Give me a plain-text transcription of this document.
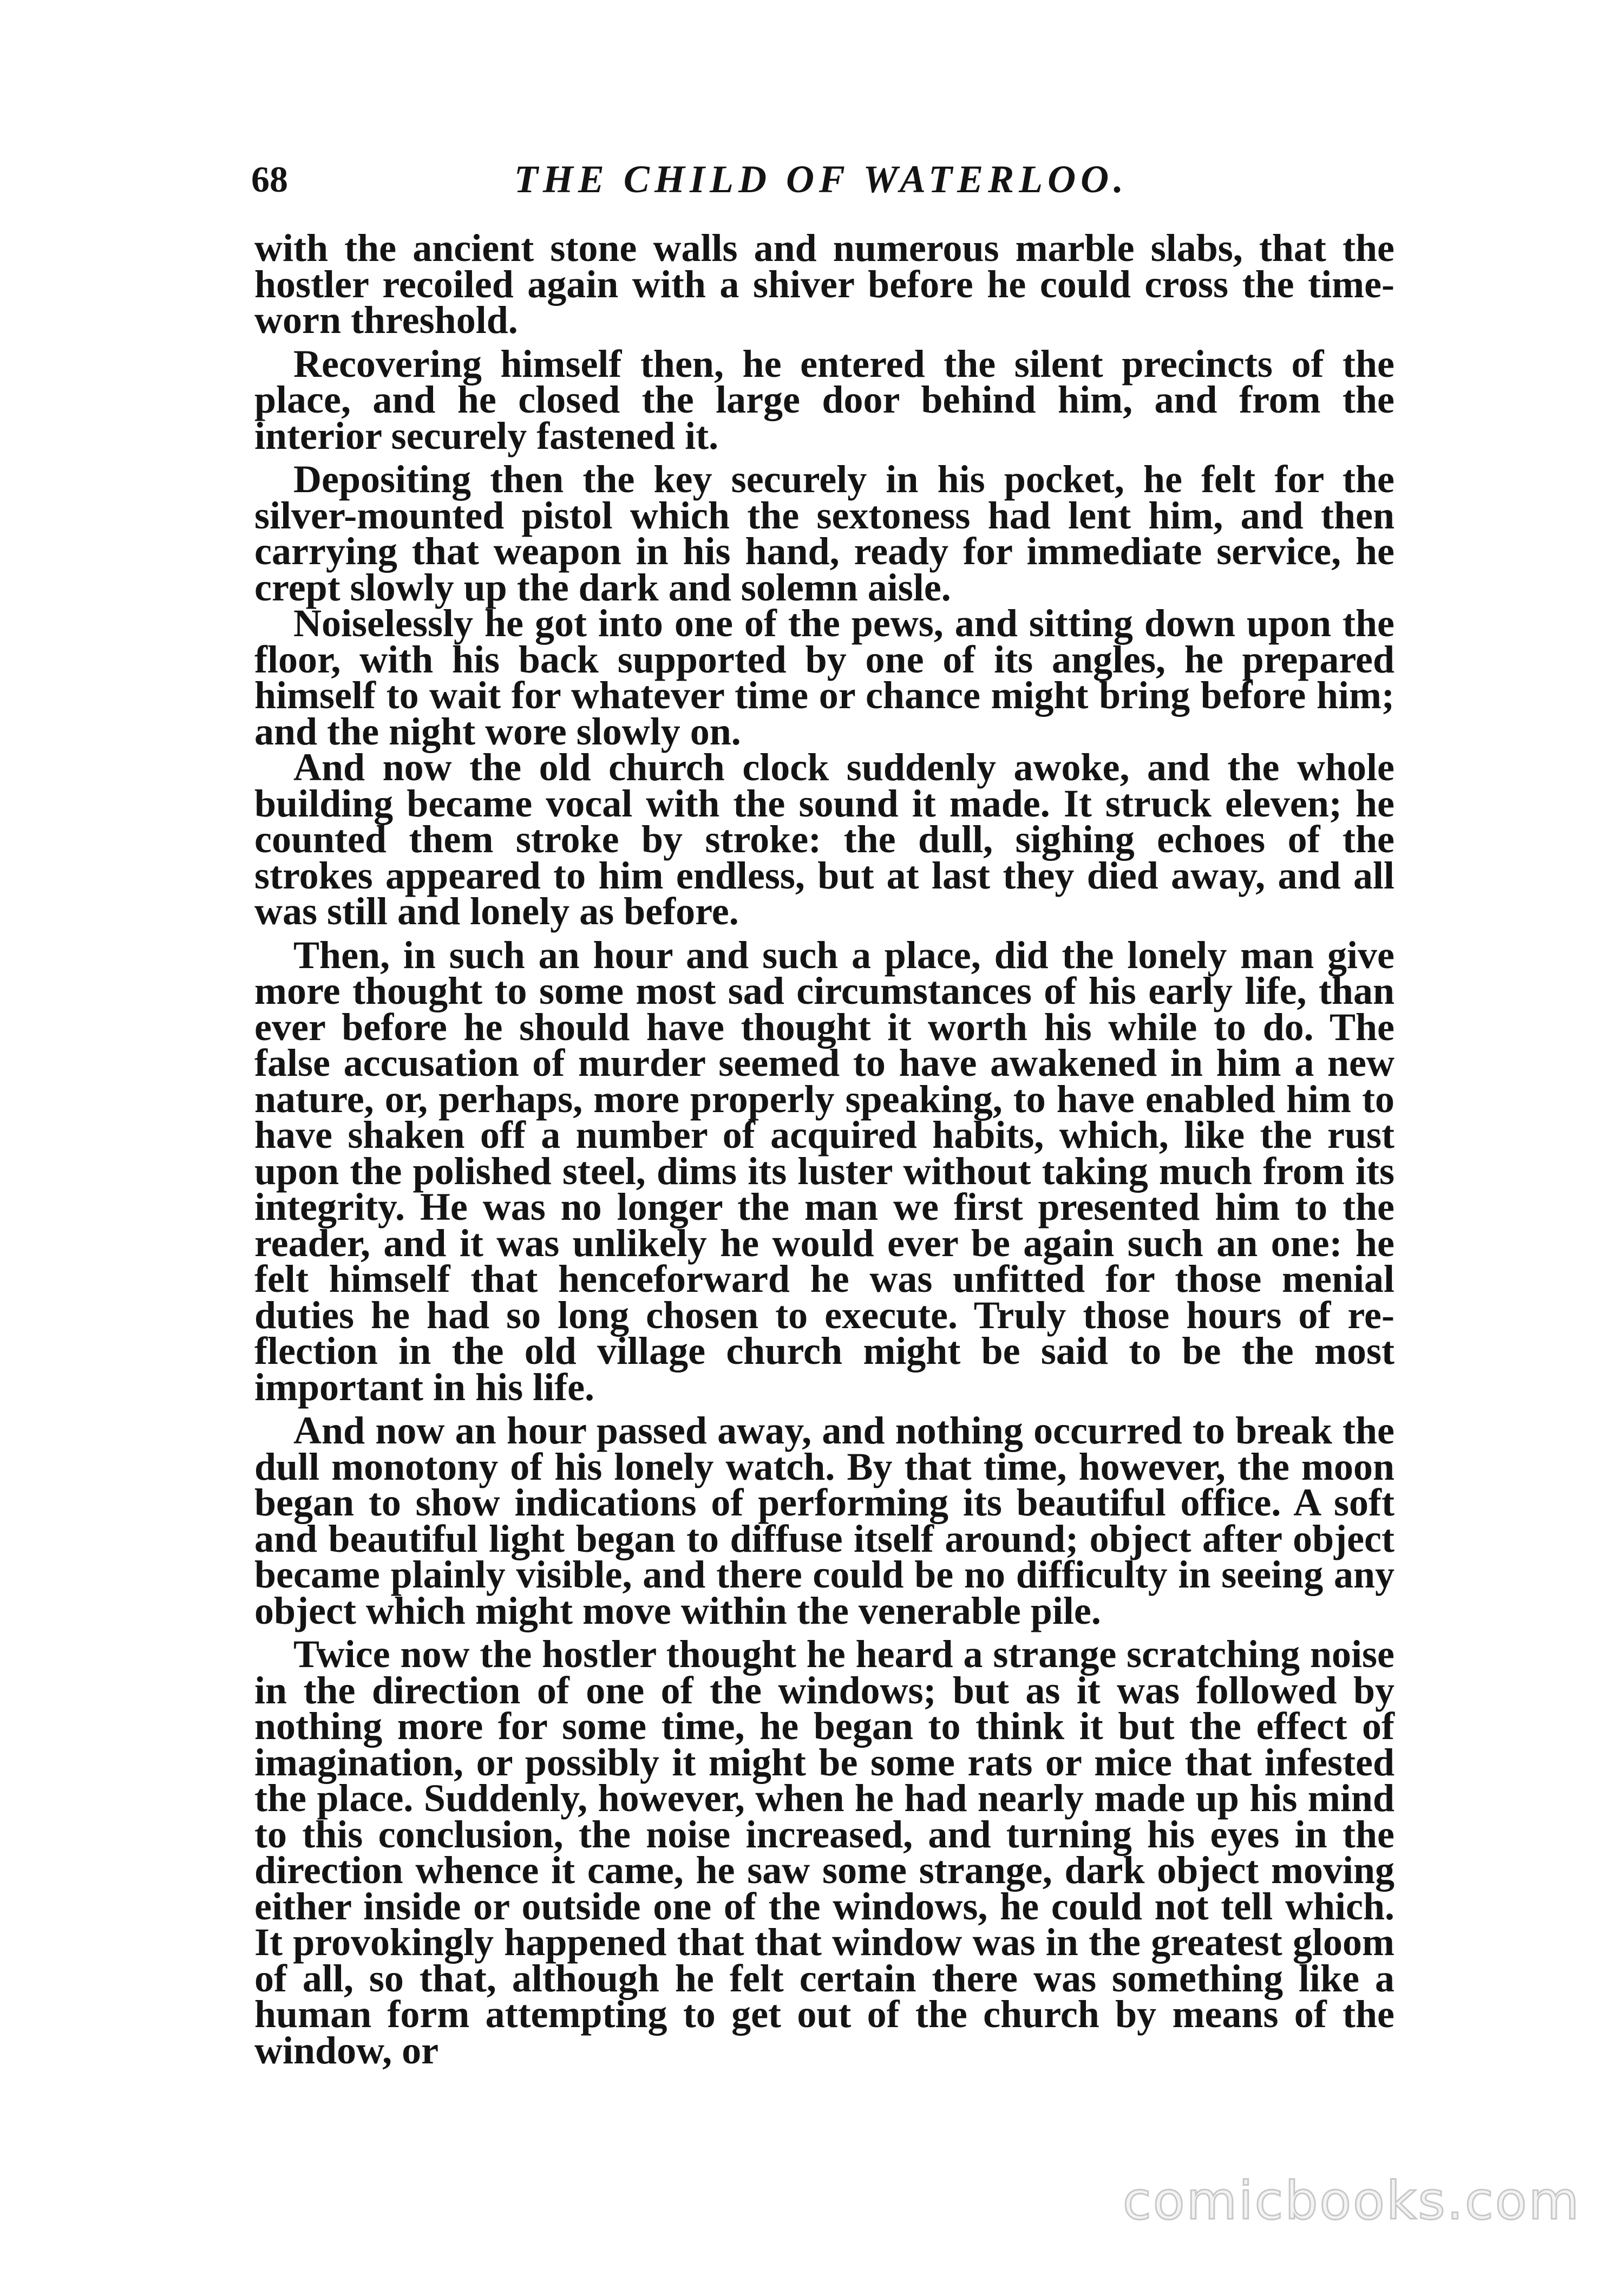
68	THE CHILD OF WATERLOO.

with the ancient stone walls and numerous marble slabs, that the hostler recoiled again with a shiver before he could cross the time-worn threshold.

Recovering himself then, he entered the silent precincts of the place, and he closed the large door behind him, and from the interior securely fastened it.

Depositing then the key securely in his pocket, he felt for the silver-mounted pistol which the sextoness had lent him, and then carrying that weapon in his hand, ready for immediate service, he crept slowly up the dark and solemn aisle.

Noiselessly he got into one of the pews, and sitting down upon the floor, with his back supported by one of its angles, he prepared himself to wait for whatever time or chance might bring before him; and the night wore slowly on.

And now the old church clock suddenly awoke, and the whole building became vocal with the sound it made. It struck eleven; he counted them stroke by stroke: the dull, sighing echoes of the strokes appeared to him endless, but at last they died away, and all was still and lonely as before.

Then, in such an hour and such a place, did the lonely man give more thought to some most sad circumstances of his early life, than ever before he should have thought it worth his while to do. The false accusation of murder seemed to have awakened in him a new nature, or, perhaps, more properly speaking, to have enabled him to have shaken off a number of acquired habits, which, like the rust upon the polished steel, dims its luster without taking much from its integrity. He was no longer the man we first presented him to the reader, and it was unlikely he would ever be again such an one: he felt himself that henceforward he was unfitted for those menial duties he had so long chosen to execute. Truly those hours of reflection in the old village church might be said to be the most important in his life.

And now an hour passed away, and nothing occurred to break the dull monotony of his lonely watch. By that time, however, the moon began to show indications of performing its beautiful office. A soft and beautiful light began to diffuse itself around; object after object became plainly visible, and there could be no difficulty in seeing any object which might move within the venerable pile.

Twice now the hostler thought he heard a strange scratching noise in the direction of one of the windows; but as it was followed by nothing more for some time, he began to think it but the effect of imagination, or possibly it might be some rats or mice that infested the place. Suddenly, however, when he had nearly made up his mind to this conclusion, the noise increased, and turning his eyes in the direction whence it came, he saw some strange, dark object moving either inside or outside one of the windows, he could not tell which. It provokingly happened that that window was in the greatest gloom of all, so that, although he felt certain there was something like a human form attempting to get out of the church by means of the window, or

comicbooks.com
